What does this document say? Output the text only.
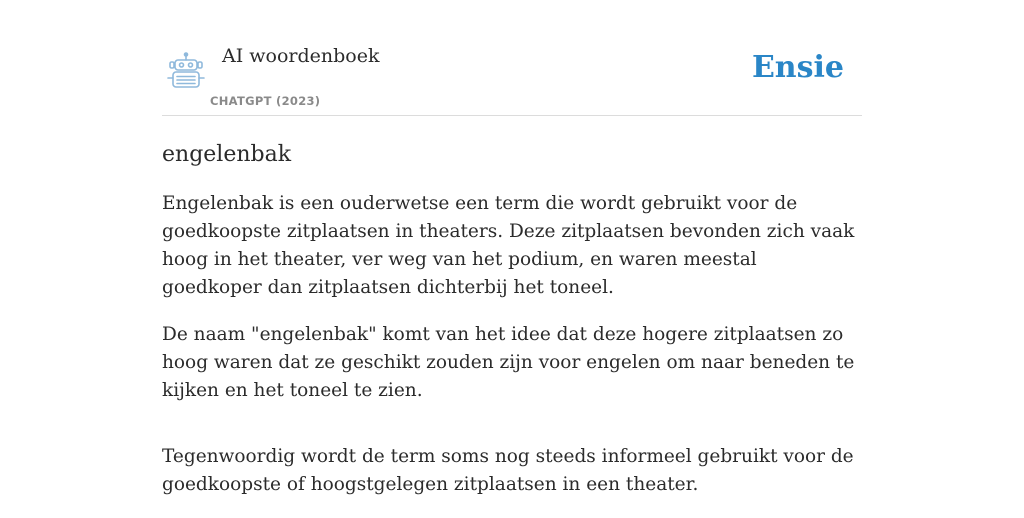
AI woordenboek
CHATGPT (2023)
Ensie
engelenbak

Engelenbak is een ouderwetse een term die wordt gebruikt voor de goedkoopste zitplaatsen in theaters. Deze zitplaatsen bevonden zich vaak hoog in het theater, ver weg van het podium, en waren meestal goedkoper dan zitplaatsen dichterbij het toneel.

De naam "engelenbak" komt van het idee dat deze hogere zitplaatsen zo hoog waren dat ze geschikt zouden zijn voor engelen om naar beneden te kijken en het toneel te zien.

Tegenwoordig wordt de term soms nog steeds informeel gebruikt voor de goedkoopste of hoogstgelegen zitplaatsen in een theater.
